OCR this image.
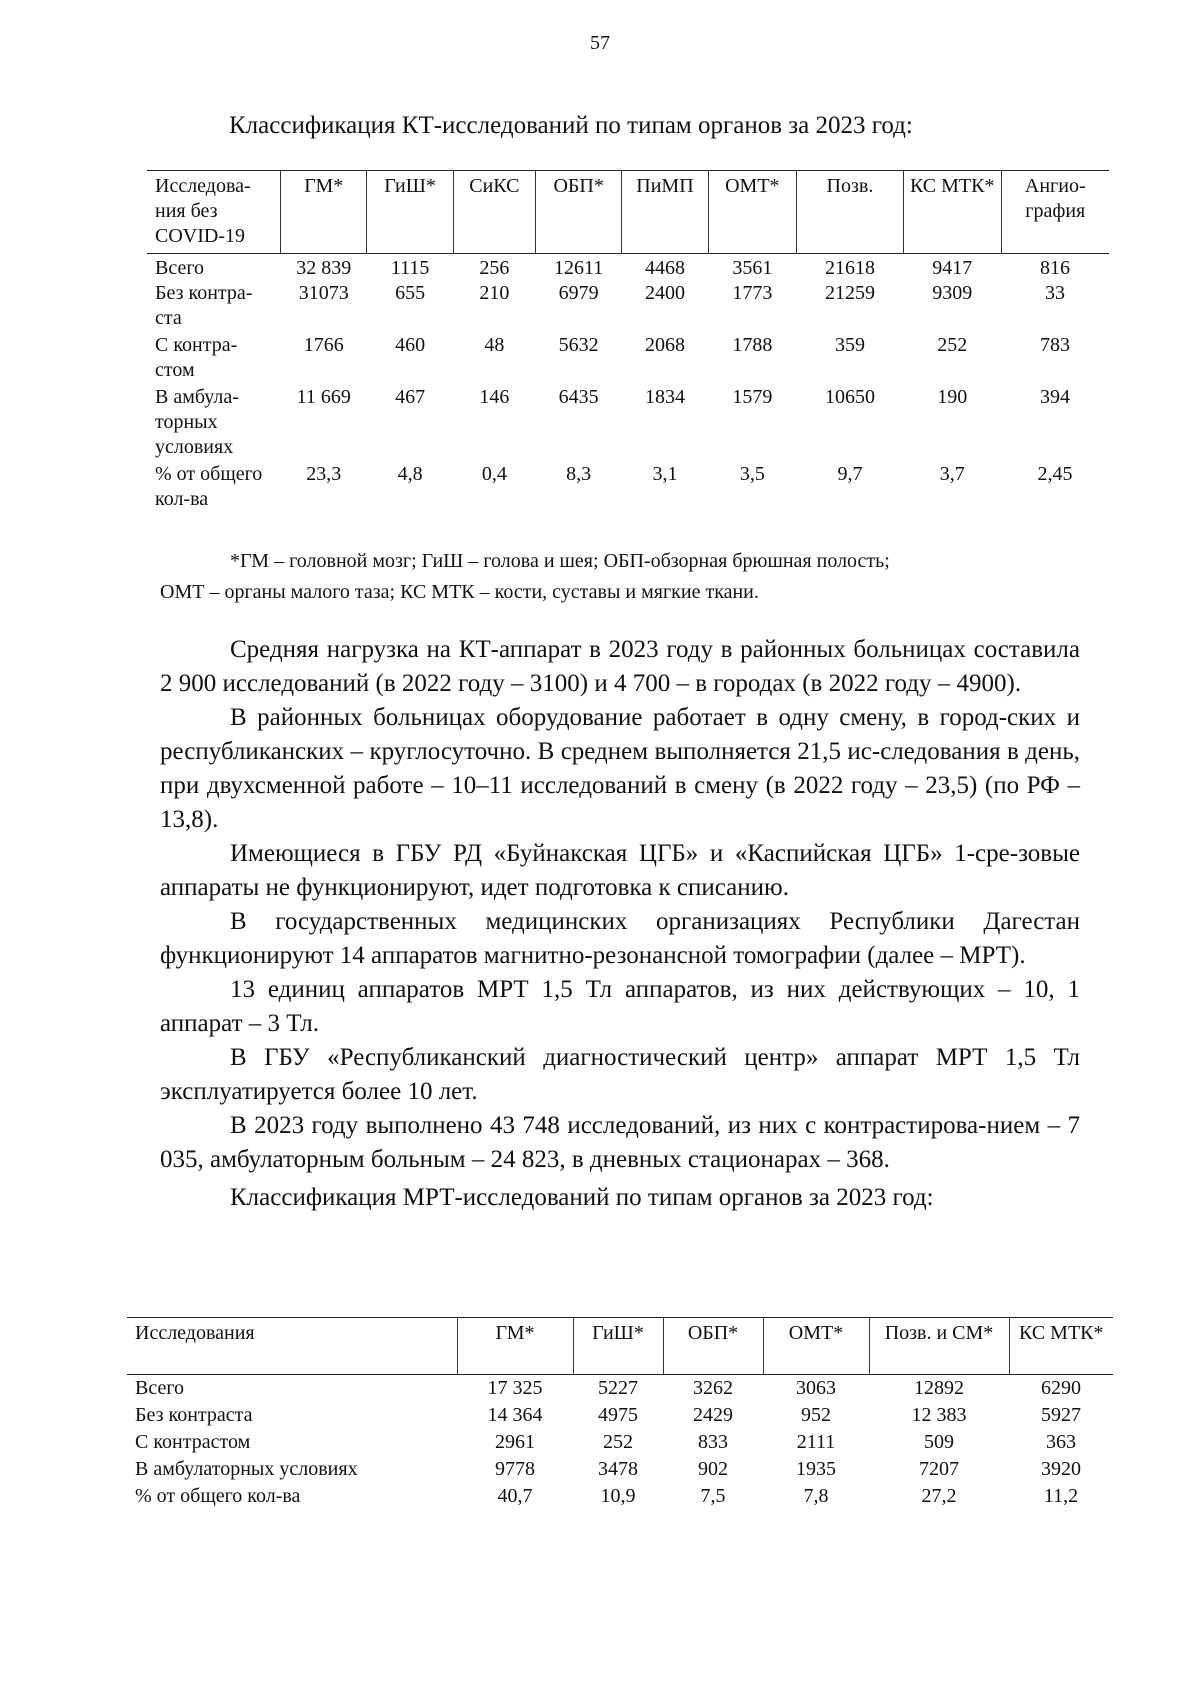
57
Классификация КТ-исследований по типам органов за 2023 год:
Исследова-ния без COVID-19	ГМ*	ГиШ*	СиКС	ОБП*	ПиМП	ОМТ*	Позв.	КС МТК*	Ангио-графия
Всего	32 839	1115	256	12611	4468	3561	21618	9417	816
Без контра-ста	31073	655	210	6979	2400	1773	21259	9309	33
С контра-стом	1766	460	48	5632	2068	1788	359	252	783
В амбула-торных условиях	11 669	467	146	6435	1834	1579	10650	190	394
% от общего кол-ва	23,3	4,8	0,4	8,3	3,1	3,5	9,7	3,7	2,45
*ГМ – головной мозг; ГиШ – голова и шея; ОБП-обзорная брюшная полость;
ОМТ – органы малого таза; КС МТК – кости, суставы и мягкие ткани.

Средняя нагрузка на КТ-аппарат в 2023 году в районных больницах составила 2 900 исследований (в 2022 году – 3100) и 4 700 – в городах (в 2022 году – 4900).

В районных больницах оборудование работает в одну смену, в город-ских и республиканских – круглосуточно. В среднем выполняется 21,5 ис-следования в день, при двухсменной работе – 10–11 исследований в смену (в 2022 году – 23,5) (по РФ – 13,8).

Имеющиеся в ГБУ РД «Буйнакская ЦГБ» и «Каспийская ЦГБ» 1-сре-зовые аппараты не функционируют, идет подготовка к списанию.

В государственных медицинских организациях Республики Дагестан функционируют 14 аппаратов магнитно-резонансной томографии (далее – МРТ).

13 единиц аппаратов МРТ 1,5 Тл аппаратов, из них действующих – 10, 1 аппарат – 3 Тл.

В ГБУ «Республиканский диагностический центр» аппарат МРТ 1,5 Тл эксплуатируется более 10 лет.

В 2023 году выполнено 43 748 исследований, из них с контрастирова-нием – 7 035, амбулаторным больным – 24 823, в дневных стационарах – 368.

Классификация МРТ-исследований по типам органов за 2023 год:

Исследования	ГМ*	ГиШ*	ОБП*	ОМТ*	Позв. и СМ*	КС МТК*
Всего	17 325	5227	3262	3063	12892	6290
Без контраста	14 364	4975	2429	952	12 383	5927
С контрастом	2961	252	833	2111	509	363
В амбулаторных условиях	9778	3478	902	1935	7207	3920
% от общего кол-ва	40,7	10,9	7,5	7,8	27,2	11,2
